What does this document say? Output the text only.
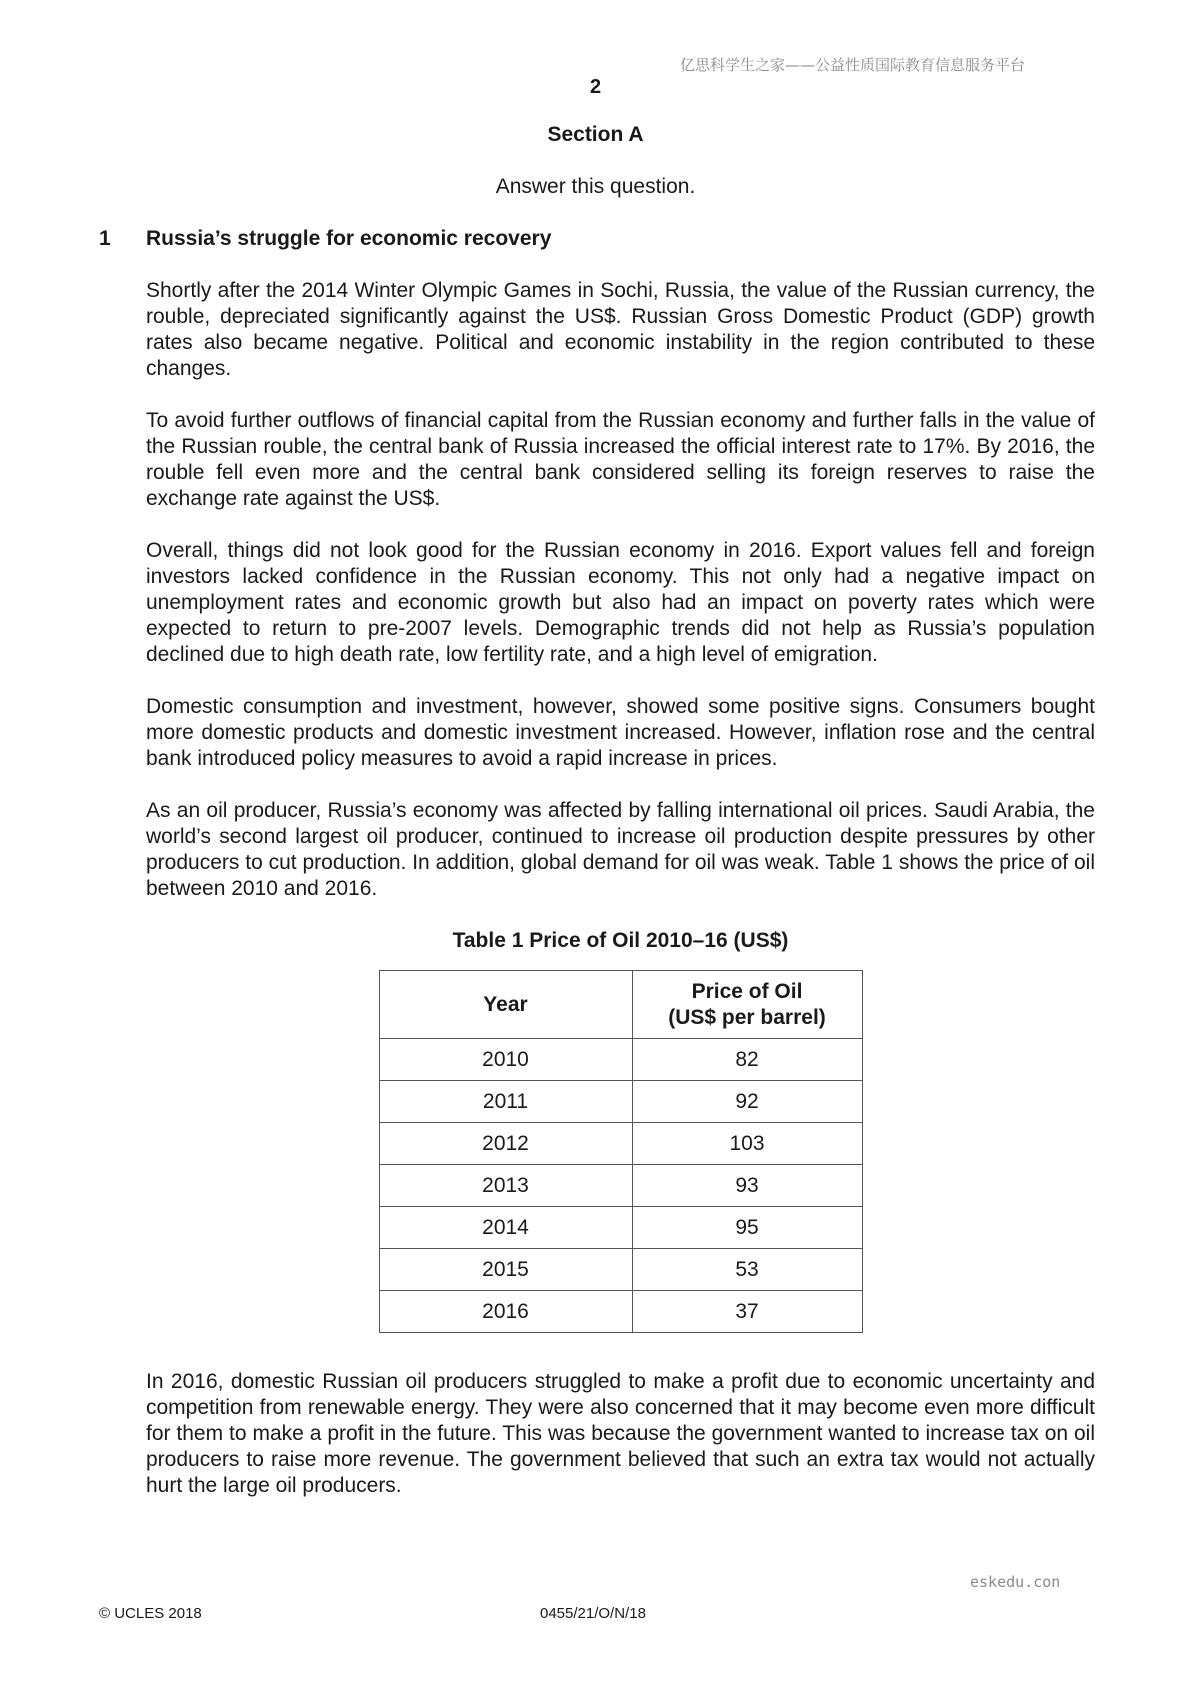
亿思科学生之家——公益性质国际教育信息服务平台
2
Section A
Answer this question.
1 Russia’s struggle for economic recovery

Shortly after the 2014 Winter Olympic Games in Sochi, Russia, the value of the Russian currency, the rouble, depreciated significantly against the US$. Russian Gross Domestic Product (GDP) growth rates also became negative. Political and economic instability in the region contributed to these changes.

To avoid further outflows of financial capital from the Russian economy and further falls in the value of the Russian rouble, the central bank of Russia increased the official interest rate to 17%. By 2016, the rouble fell even more and the central bank considered selling its foreign reserves to raise the exchange rate against the US$.

Overall, things did not look good for the Russian economy in 2016. Export values fell and foreign investors lacked confidence in the Russian economy. This not only had a negative impact on unemployment rates and economic growth but also had an impact on poverty rates which were expected to return to pre-2007 levels. Demographic trends did not help as Russia’s population declined due to high death rate, low fertility rate, and a high level of emigration.

Domestic consumption and investment, however, showed some positive signs. Consumers bought more domestic products and domestic investment increased. However, inflation rose and the central bank introduced policy measures to avoid a rapid increase in prices.

As an oil producer, Russia’s economy was affected by falling international oil prices. Saudi Arabia, the world’s second largest oil producer, continued to increase oil production despite pressures by other producers to cut production. In addition, global demand for oil was weak. Table 1 shows the price of oil between 2010 and 2016.

Table 1 Price of Oil 2010–16 (US$)
Year	Price of Oil
(US$ per barrel)
2010	82
2011	92
2012	103
2013	93
2014	95
2015	53
2016	37

In 2016, domestic Russian oil producers struggled to make a profit due to economic uncertainty and competition from renewable energy. They were also concerned that it may become even more difficult for them to make a profit in the future. This was because the government wanted to increase tax on oil producers to raise more revenue. The government believed that such an extra tax would not actually hurt the large oil producers.

eskedu.con
© UCLES 2018	0455/21/O/N/18
